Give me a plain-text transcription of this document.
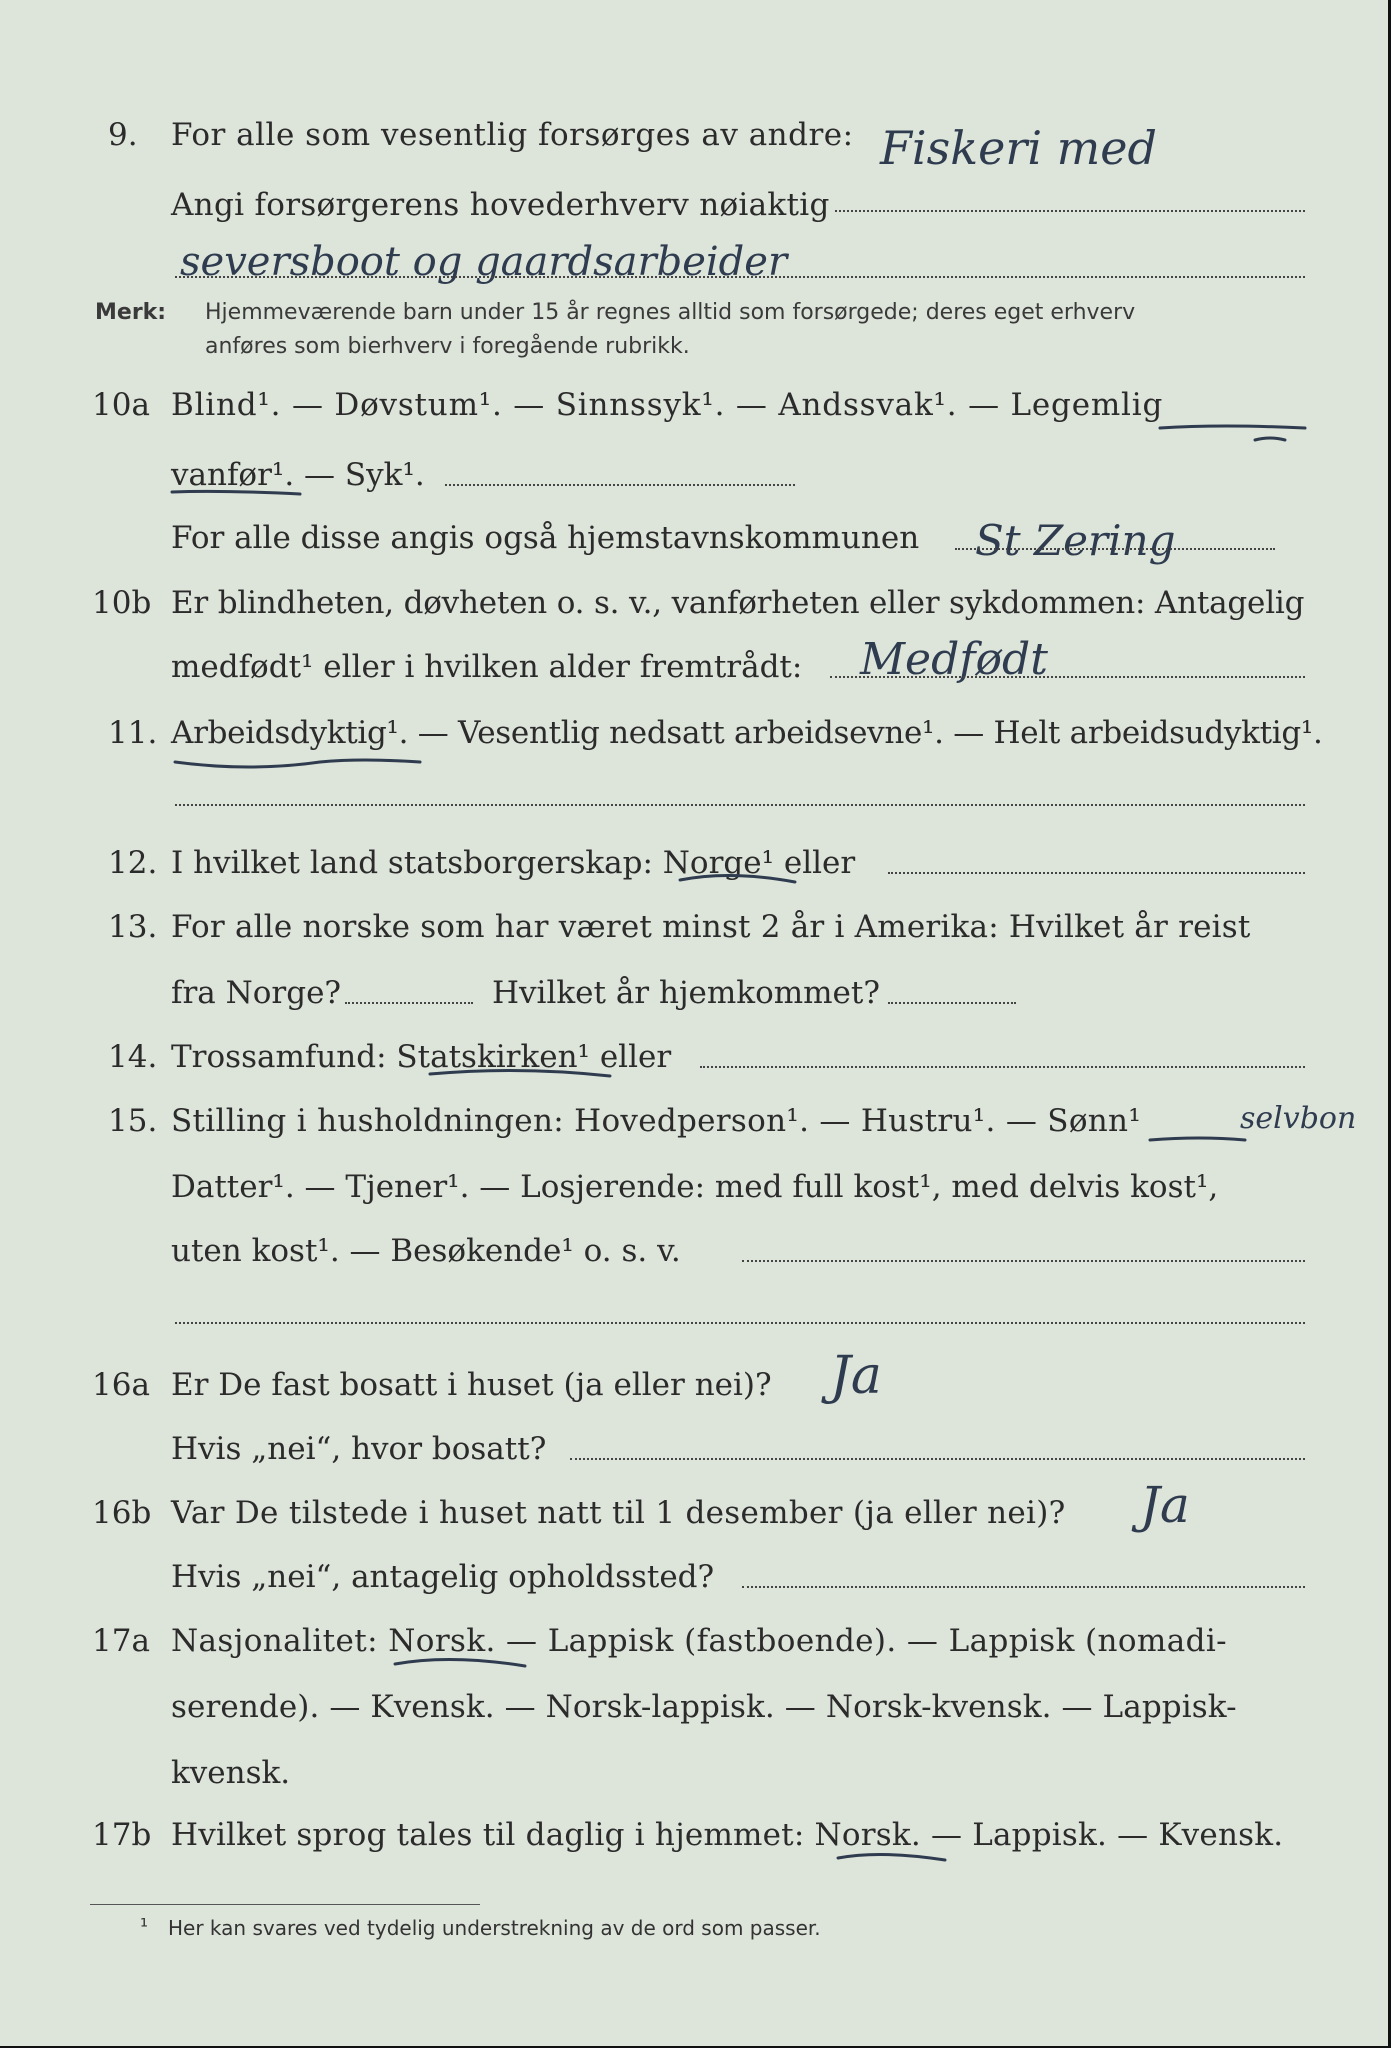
9. For alle som vesentlig forsørges av andre: Fiskeri med
Angi forsørgerens hovederhverv nøiaktig
seversboot og gaardsarbeider
Merk: Hjemmeværende barn under 15 år regnes alltid som forsørgede; deres eget erhverv
anføres som bierhverv i foregående rubrikk.
10a Blind¹. — Døvstum¹. — Sinnssyk¹. — Andssvak¹. — Legemlig
vanfør¹. — Syk¹.
For alle disse angis også hjemstavnskommunen St Zering
10b Er blindheten, døvheten o. s. v., vanførheten eller sykdommen: Antagelig
medfødt¹ eller i hvilken alder fremtrådt: Medfødt
11. Arbeidsdyktig¹. — Vesentlig nedsatt arbeidsevne¹. — Helt arbeidsudyktig¹.
12. I hvilket land statsborgerskap: Norge¹ eller
13. For alle norske som har været minst 2 år i Amerika: Hvilket år reist
fra Norge?	Hvilket år hjemkommet?
14. Trossamfund: Statskirken¹ eller
15. Stilling i husholdningen: Hovedperson¹. — Hustru¹. — Sønn¹	selvbon
Datter¹. — Tjener¹. — Losjerende: med full kost¹, med delvis kost¹,
uten kost¹. — Besøkende¹ o. s. v.
16a Er De fast bosatt i huset (ja eller nei)? Ja
Hvis „nei“, hvor bosatt?
16b Var De tilstede i huset natt til 1 desember (ja eller nei)? Ja
Hvis „nei“, antagelig opholdssted?
17a Nasjonalitet: Norsk. — Lappisk (fastboende). — Lappisk (nomadi-
serende). — Kvensk. — Norsk-lappisk. — Norsk-kvensk. — Lappisk-
kvensk.
17b Hvilket sprog tales til daglig i hjemmet: Norsk. — Lappisk. — Kvensk.
¹ Her kan svares ved tydelig understrekning av de ord som passer.
